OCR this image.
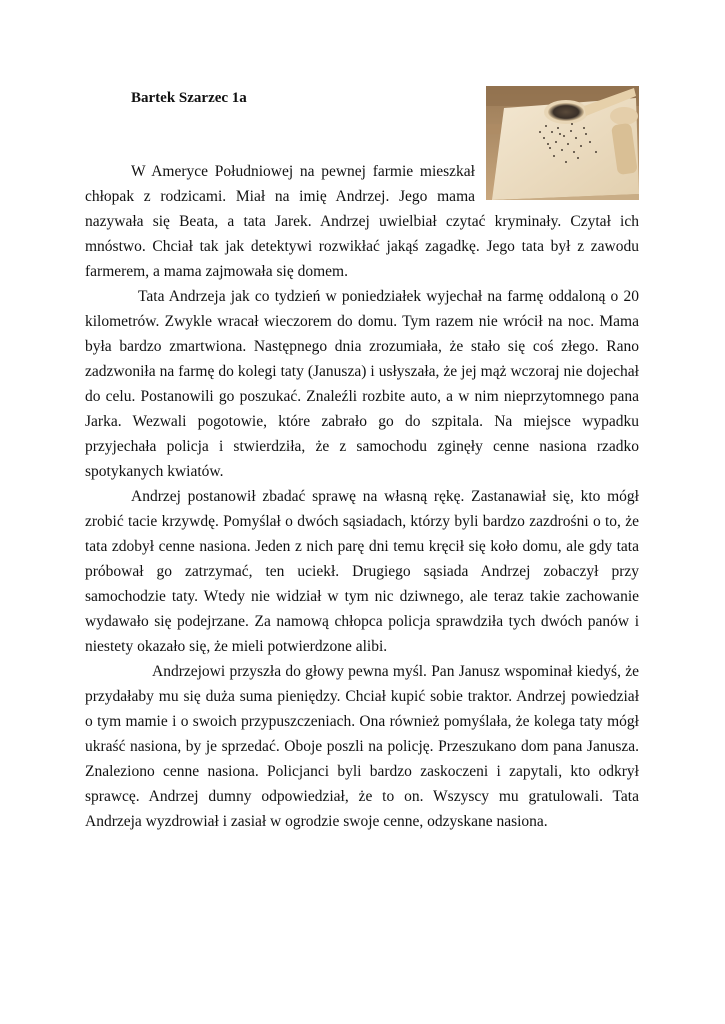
Bartek Szarzec 1a

W Ameryce Południowej na pewnej farmie mieszkał chłopak z rodzicami. Miał na imię Andrzej. Jego mama nazywała się Beata, a tata Jarek. Andrzej uwielbiał czytać kryminały. Czytał ich mnóstwo. Chciał tak jak detektywi rozwikłać jakąś zagadkę. Jego tata był z zawodu farmerem, a mama zajmowała się domem.

Tata Andrzeja jak co tydzień w poniedziałek wyjechał na farmę oddaloną o 20 kilometrów. Zwykle wracał wieczorem do domu. Tym razem nie wrócił na noc. Mama była bardzo zmartwiona. Następnego dnia zrozumiała, że stało się coś złego. Rano zadzwoniła na farmę do kolegi taty (Janusza) i usłyszała, że jej mąż wczoraj nie dojechał do celu. Postanowili go poszukać. Znaleźli rozbite auto, a w nim nieprzytomnego pana Jarka. Wezwali pogotowie, które zabrało go do szpitala. Na miejsce wypadku przyjechała policja i stwierdziła, że z samochodu zginęły cenne nasiona rzadko spotykanych kwiatów.

Andrzej postanowił zbadać sprawę na własną rękę. Zastanawiał się, kto mógł zrobić tacie krzywdę. Pomyślał o dwóch sąsiadach, którzy byli bardzo zazdrośni o to, że tata zdobył cenne nasiona. Jeden z nich parę dni temu kręcił się koło domu, ale gdy tata próbował go zatrzymać, ten uciekł. Drugiego sąsiada Andrzej zobaczył przy samochodzie taty. Wtedy nie widział w tym nic dziwnego, ale teraz takie zachowanie wydawało się podejrzane. Za namową chłopca policja sprawdziła tych dwóch panów i niestety okazało się, że mieli potwierdzone alibi.

Andrzejowi przyszła do głowy pewna myśl. Pan Janusz wspominał kiedyś, że przydałaby mu się duża suma pieniędzy. Chciał kupić sobie traktor. Andrzej powiedział o tym mamie i o swoich przypuszczeniach. Ona również pomyślała, że kolega taty mógł ukraść nasiona, by je sprzedać. Oboje poszli na policję. Przeszukano dom pana Janusza. Znaleziono cenne nasiona. Policjanci byli bardzo zaskoczeni i zapytali, kto odkrył sprawcę. Andrzej dumny odpowiedział, że to on. Wszyscy mu gratulowali. Tata Andrzeja wyzdrowiał i zasiał w ogrodzie swoje cenne, odzyskane nasiona.
